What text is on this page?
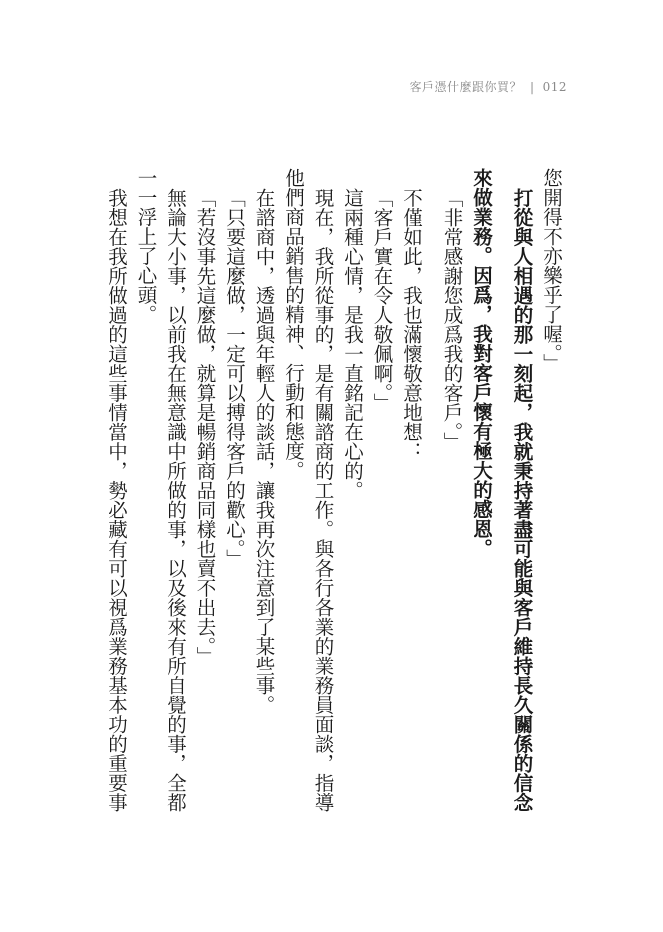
客戶憑什麼跟你買？ | 012
您開得不亦樂乎了喔。」
打從與人相遇的那一刻起，我就秉持著盡可能與客戶維持長久關係的信念
來做業務。因爲，我對客戶懷有極大的感恩。
「非常感謝您成爲我的客戶。」
不僅如此，我也滿懷敬意地想：
「客戶實在令人敬佩啊。」
這兩種心情，是我一直銘記在心的。
現在，我所從事的，是有關諮商的工作。與各行各業的業務員面談，指導
他們商品銷售的精神、行動和態度。
在諮商中，透過與年輕人的談話，讓我再次注意到了某些事。
「只要這麼做，一定可以搏得客戶的歡心。」
「若沒事先這麼做，就算是暢銷商品同樣也賣不出去。」
無論大小事，以前我在無意識中所做的事，以及後來有所自覺的事，全都
一一浮上了心頭。
我想在我所做過的這些事情當中，勢必藏有可以視爲業務基本功的重要事
